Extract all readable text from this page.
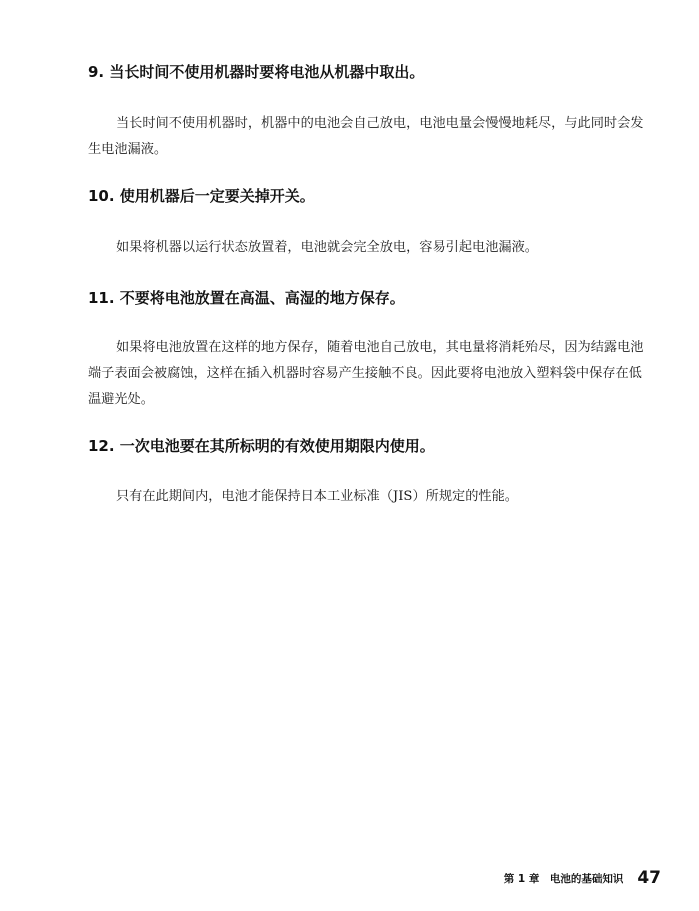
9. 当长时间不使用机器时要将电池从机器中取出。

当长时间不使用机器时，机器中的电池会自己放电，电池电量会慢慢地耗尽，与此同时会发生电池漏液。

10. 使用机器后一定要关掉开关。

如果将机器以运行状态放置着，电池就会完全放电，容易引起电池漏液。

11. 不要将电池放置在高温、高湿的地方保存。

如果将电池放置在这样的地方保存，随着电池自己放电，其电量将消耗殆尽，因为结露电池端子表面会被腐蚀，这样在插入机器时容易产生接触不良。因此要将电池放入塑料袋中保存在低温避光处。

12. 一次电池要在其所标明的有效使用期限内使用。

只有在此期间内，电池才能保持日本工业标准（JIS）所规定的性能。

第 1 章　电池的基础知识 47
